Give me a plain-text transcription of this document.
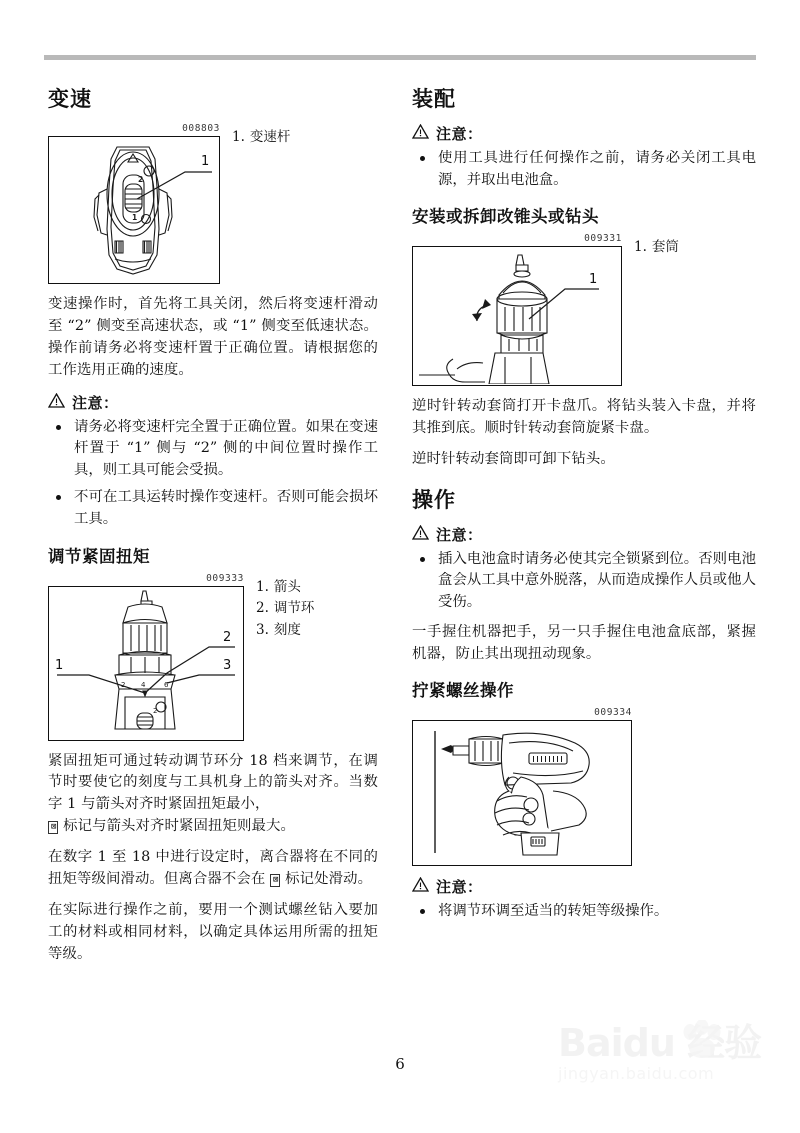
变速
008803
2
1
1
1. 变速杆

变速操作时，首先将工具关闭，然后将变速杆滑动至 “2” 侧变至高速状态，或 “1” 侧变至低速状态。操作前请务必将变速杆置于正确位置。请根据您的工作选用正确的速度。

注意：
请务必将变速杆完全置于正确位置。如果在变速杆置于 “1” 侧与 “2” 侧的中间位置时操作工具，则工具可能会受损。
不可在工具运转时操作变速杆。否则可能会损坏工具。
调节紧固扭矩
009333
2 4	6
2
2
3
1
1. 箭头
2. 调节环
3. 刻度

紧固扭矩可通过转动调节环分 18 档来调节，在调节时要使它的刻度与工具机身上的箭头对齐。当数字 1 与箭头对齐时紧固扭矩最小，
⊠ 标记与箭头对齐时紧固扭矩则最大。

在数字 1 至 18 中进行设定时，离合器将在不同的扭矩等级间滑动。但离合器不会在 ⊠ 标记处滑动。

在实际进行操作之前，要用一个测试螺丝钻入要加工的材料或相同材料，以确定具体运用所需的扭矩等级。

装配
注意：
使用工具进行任何操作之前，请务必关闭工具电源，并取出电池盒。
安装或拆卸改锥头或钻头
009331
1
1. 套筒

逆时针转动套筒打开卡盘爪。将钻头装入卡盘，并将其推到底。顺时针转动套筒旋紧卡盘。

逆时针转动套筒即可卸下钻头。

操作
注意：
插入电池盒时请务必使其完全锁紧到位。否则电池盒会从工具中意外脱落，从而造成操作人员或他人受伤。

一手握住机器把手，另一只手握住电池盒底部，紧握机器，防止其出现扭动现象。

拧紧螺丝操作
009334
注意：
将调节环调至适当的转矩等级操作。
6	Baidu 经验
jingyan.baidu.com
